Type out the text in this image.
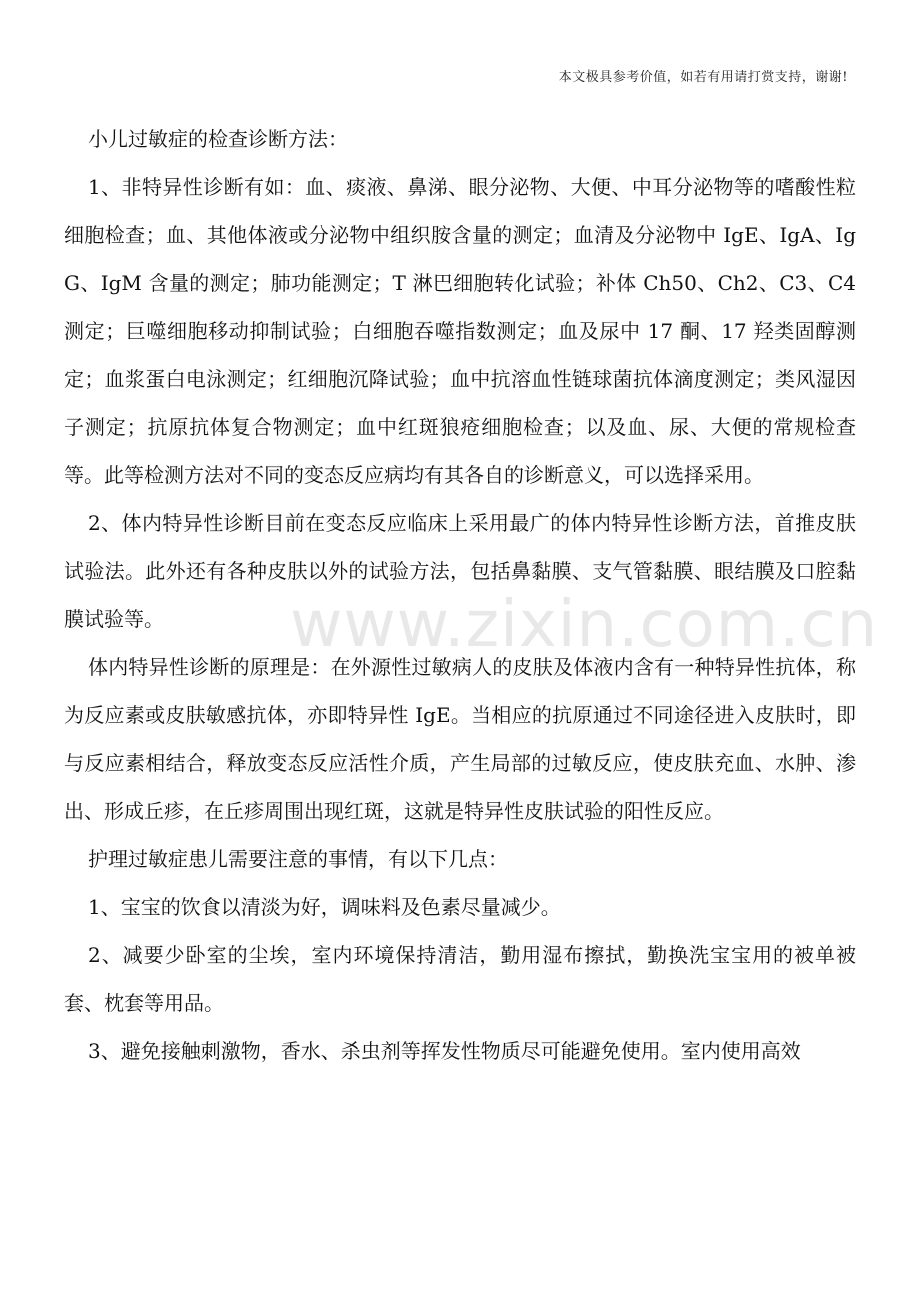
本文极具参考价值，如若有用请打赏支持，谢谢!
www.zixin.com.cn

小儿过敏症的检查诊断方法：

1、非特异性诊断有如：血、痰液、鼻涕、眼分泌物、大便、中耳分泌物等的嗜酸性粒细胞检查；血、其他体液或分泌物中组织胺含量的测定；血清及分泌物中 IgE、IgA、IgG、IgM 含量的测定；肺功能测定；T 淋巴细胞转化试验；补体 Ch50、Ch2、C3、C4 测定；巨噬细胞移动抑制试验；白细胞吞噬指数测定；血及尿中 17 酮、17 羟类固醇测定；血浆蛋白电泳测定；红细胞沉降试验；血中抗溶血性链球菌抗体滴度测定；类风湿因子测定；抗原抗体复合物测定；血中红斑狼疮细胞检查；以及血、尿、大便的常规检查等。此等检测方法对不同的变态反应病均有其各自的诊断意义，可以选择采用。

2、体内特异性诊断目前在变态反应临床上采用最广的体内特异性诊断方法，首推皮肤试验法。此外还有各种皮肤以外的试验方法，包括鼻黏膜、支气管黏膜、眼结膜及口腔黏膜试验等。

体内特异性诊断的原理是：在外源性过敏病人的皮肤及体液内含有一种特异性抗体，称为反应素或皮肤敏感抗体，亦即特异性 IgE。当相应的抗原通过不同途径进入皮肤时，即与反应素相结合，释放变态反应活性介质，产生局部的过敏反应，使皮肤充血、水肿、渗出、形成丘疹，在丘疹周围出现红斑，这就是特异性皮肤试验的阳性反应。

护理过敏症患儿需要注意的事情，有以下几点：

1、宝宝的饮食以清淡为好，调味料及色素尽量减少。

2、减要少卧室的尘埃，室内环境保持清洁，勤用湿布擦拭，勤换洗宝宝用的被单被套、枕套等用品。

3、避免接触刺激物，香水、杀虫剂等挥发性物质尽可能避免使用。室内使用高效
